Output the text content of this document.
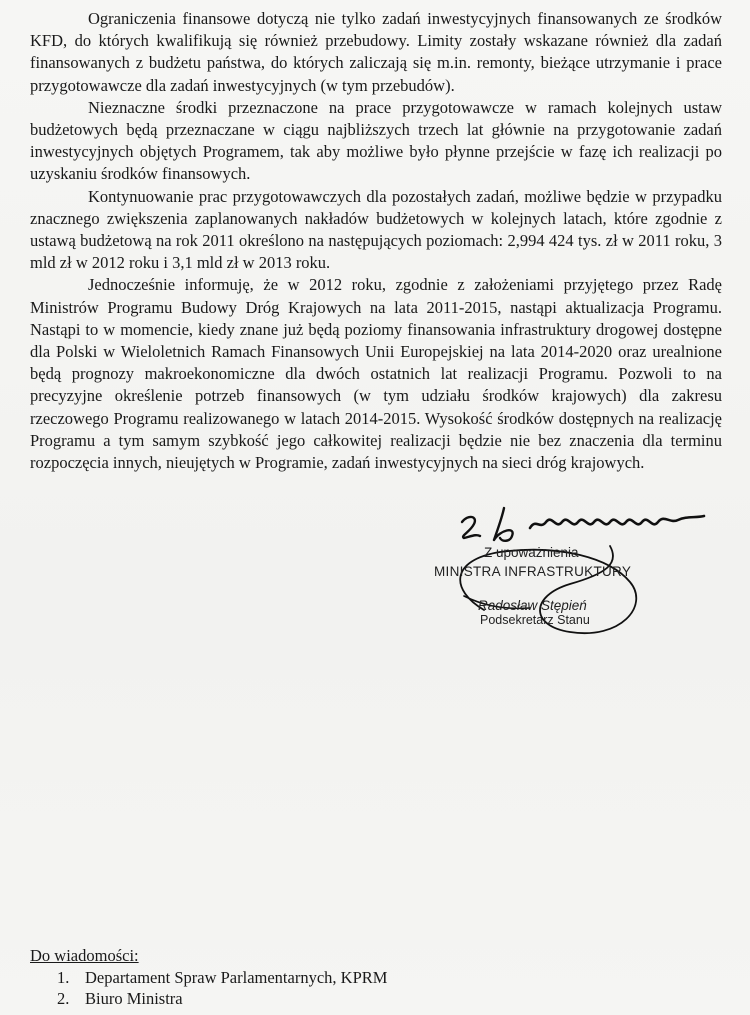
Ograniczenia finansowe dotyczą nie tylko zadań inwestycyjnych finansowanych ze środków KFD, do których kwalifikują się również przebudowy. Limity zostały wskazane również dla zadań finansowanych z budżetu państwa, do których zaliczają się m.in. remonty, bieżące utrzymanie i prace przygotowawcze dla zadań inwestycyjnych (w tym przebudów).

Nieznaczne środki przeznaczone na prace przygotowawcze w ramach kolejnych ustaw budżetowych będą przeznaczane w ciągu najbliższych trzech lat głównie na przygotowanie zadań inwestycyjnych objętych Programem, tak aby możliwe było płynne przejście w fazę ich realizacji po uzyskaniu środków finansowych.

Kontynuowanie prac przygotowawczych dla pozostałych zadań, możliwe będzie w przypadku znacznego zwiększenia zaplanowanych nakładów budżetowych w kolejnych latach, które zgodnie z ustawą budżetową na rok 2011 określono na następujących poziomach: 2,994 424 tys. zł w 2011 roku, 3 mld zł w 2012 roku i 3,1 mld zł w 2013 roku.

Jednocześnie informuję, że w 2012 roku, zgodnie z założeniami przyjętego przez Radę Ministrów Programu Budowy Dróg Krajowych na lata 2011-2015, nastąpi aktualizacja Programu. Nastąpi to w momencie, kiedy znane już będą poziomy finansowania infrastruktury drogowej dostępne dla Polski w Wieloletnich Ramach Finansowych Unii Europejskiej na lata 2014-2020 oraz urealnione będą prognozy makroekonomiczne dla dwóch ostatnich lat realizacji Programu. Pozwoli to na precyzyjne określenie potrzeb finansowych (w tym udziału środków krajowych) dla zakresu rzeczowego Programu realizowanego w latach 2014-2015. Wysokość środków dostępnych na realizację Programu a tym samym szybkość jego całkowitej realizacji będzie nie bez znaczenia dla terminu rozpoczęcia innych, nieujętych w Programie, zadań inwestycyjnych na sieci dróg krajowych.

Z upoważnienia
MINISTRA INFRASTRUKTURY
Radosław Stępień
Podsekretarz Stanu

Do wiadomości:

1. Departament Spraw Parlamentarnych, KPRM
2. Biuro Ministra
